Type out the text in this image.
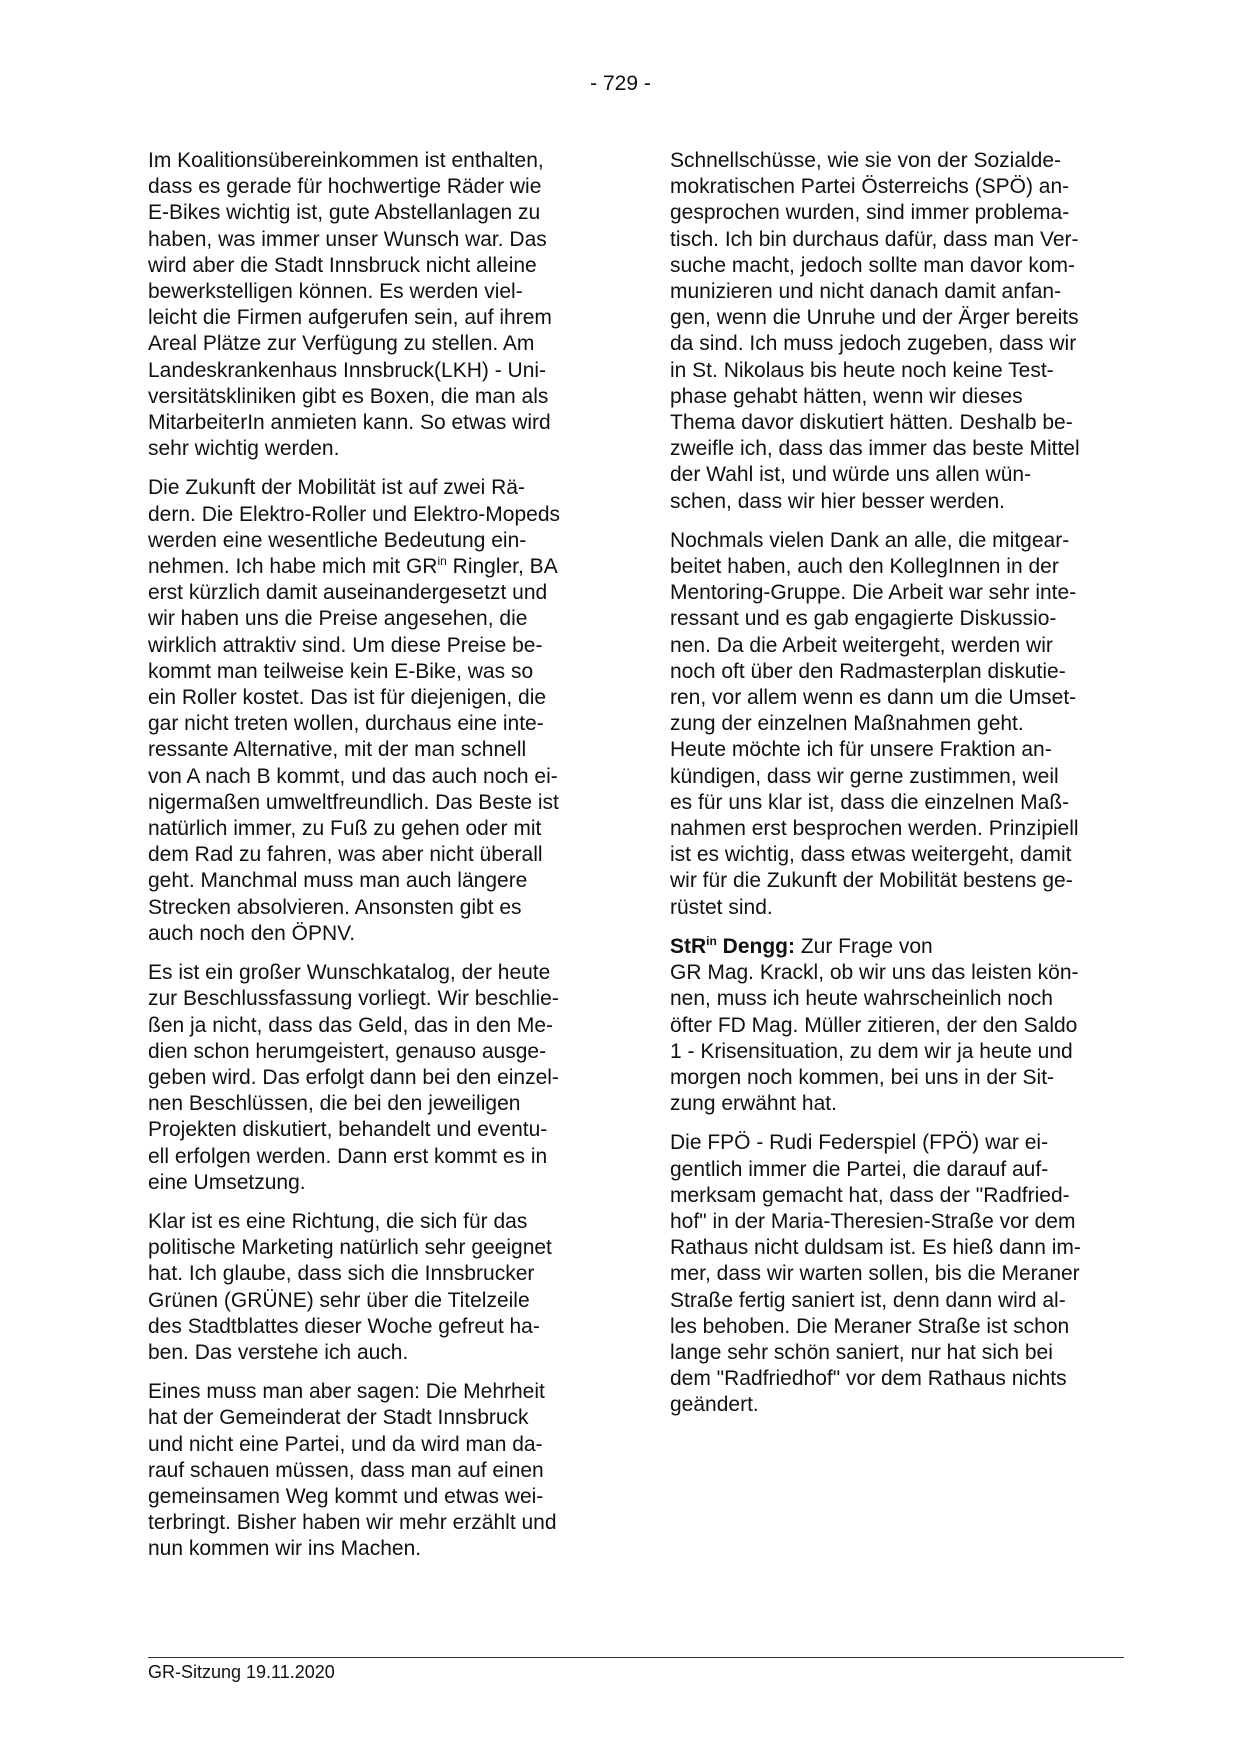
- 729 -

Im Koalitionsübereinkommen ist enthalten,
dass es gerade für hochwertige Räder wie
E-Bikes wichtig ist, gute Abstellanlagen zu
haben, was immer unser Wunsch war. Das
wird aber die Stadt Innsbruck nicht alleine
bewerkstelligen können. Es werden viel-
leicht die Firmen aufgerufen sein, auf ihrem
Areal Plätze zur Verfügung zu stellen. Am
Landeskrankenhaus Innsbruck(LKH) - Uni-
versitätskliniken gibt es Boxen, die man als
MitarbeiterIn anmieten kann. So etwas wird
sehr wichtig werden.

Die Zukunft der Mobilität ist auf zwei Rä-
dern. Die Elektro-Roller und Elektro-Mopeds
werden eine wesentliche Bedeutung ein-
nehmen. Ich habe mich mit $GR^{in}$ Ringler, BA
erst kürzlich damit auseinandergesetzt und
wir haben uns die Preise angesehen, die
wirklich attraktiv sind. Um diese Preise be-
kommt man teilweise kein E-Bike, was so
ein Roller kostet. Das ist für diejenigen, die
gar nicht treten wollen, durchaus eine inte-
ressante Alternative, mit der man schnell
von A nach B kommt, und das auch noch ei-
nigermaßen umweltfreundlich. Das Beste ist
natürlich immer, zu Fuß zu gehen oder mit
dem Rad zu fahren, was aber nicht überall
geht. Manchmal muss man auch längere
Strecken absolvieren. Ansonsten gibt es
auch noch den ÖPNV.

Es ist ein großer Wunschkatalog, der heute
zur Beschlussfassung vorliegt. Wir beschlie-
ßen ja nicht, dass das Geld, das in den Me-
dien schon herumgeistert, genauso ausge-
geben wird. Das erfolgt dann bei den einzel-
nen Beschlüssen, die bei den jeweiligen
Projekten diskutiert, behandelt und eventu-
ell erfolgen werden. Dann erst kommt es in
eine Umsetzung.

Klar ist es eine Richtung, die sich für das
politische Marketing natürlich sehr geeignet
hat. Ich glaube, dass sich die Innsbrucker
Grünen (GRÜNE) sehr über die Titelzeile
des Stadtblattes dieser Woche gefreut ha-
ben. Das verstehe ich auch.

Eines muss man aber sagen: Die Mehrheit
hat der Gemeinderat der Stadt Innsbruck
und nicht eine Partei, und da wird man da-
rauf schauen müssen, dass man auf einen
gemeinsamen Weg kommt und etwas wei-
terbringt. Bisher haben wir mehr erzählt und
nun kommen wir ins Machen.

Schnellschüsse, wie sie von der Sozialde-
mokratischen Partei Österreichs (SPÖ) an-
gesprochen wurden, sind immer problema-
tisch. Ich bin durchaus dafür, dass man Ver-
suche macht, jedoch sollte man davor kom-
munizieren und nicht danach damit anfan-
gen, wenn die Unruhe und der Ärger bereits
da sind. Ich muss jedoch zugeben, dass wir
in St. Nikolaus bis heute noch keine Test-
phase gehabt hätten, wenn wir dieses
Thema davor diskutiert hätten. Deshalb be-
zweifle ich, dass das immer das beste Mittel
der Wahl ist, und würde uns allen wün-
schen, dass wir hier besser werden.

Nochmals vielen Dank an alle, die mitgear-
beitet haben, auch den KollegInnen in der
Mentoring-Gruppe. Die Arbeit war sehr inte-
ressant und es gab engagierte Diskussio-
nen. Da die Arbeit weitergeht, werden wir
noch oft über den Radmasterplan diskutie-
ren, vor allem wenn es dann um die Umset-
zung der einzelnen Maßnahmen geht.
Heute möchte ich für unsere Fraktion an-
kündigen, dass wir gerne zustimmen, weil
es für uns klar ist, dass die einzelnen Maß-
nahmen erst besprochen werden. Prinzipiell
ist es wichtig, dass etwas weitergeht, damit
wir für die Zukunft der Mobilität bestens ge-
rüstet sind.

StR$^{in}$ Dengg: Zur Frage von
GR Mag. Krackl, ob wir uns das leisten kön-
nen, muss ich heute wahrscheinlich noch
öfter FD Mag. Müller zitieren, der den Saldo
1 - Krisensituation, zu dem wir ja heute und
morgen noch kommen, bei uns in der Sit-
zung erwähnt hat.

Die FPÖ - Rudi Federspiel (FPÖ) war ei-
gentlich immer die Partei, die darauf auf-
merksam gemacht hat, dass der "Radfried-
hof" in der Maria-Theresien-Straße vor dem
Rathaus nicht duldsam ist. Es hieß dann im-
mer, dass wir warten sollen, bis die Meraner
Straße fertig saniert ist, denn dann wird al-
les behoben. Die Meraner Straße ist schon
lange sehr schön saniert, nur hat sich bei
dem "Radfriedhof" vor dem Rathaus nichts
geändert.

GR-Sitzung 19.11.2020
